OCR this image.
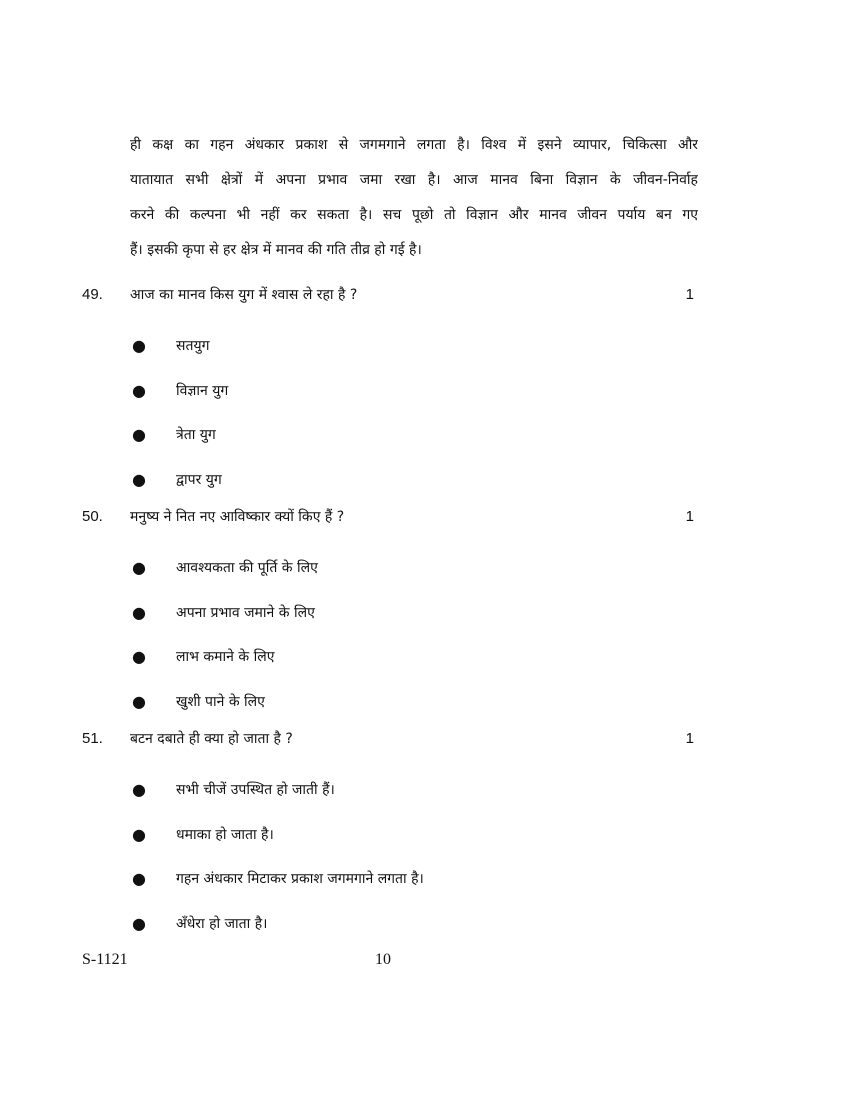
ही कक्ष का गहन अंधकार प्रकाश से जगमगाने लगता है। विश्व में इसने व्यापार, चिकित्सा और
यातायात सभी क्षेत्रों में अपना प्रभाव जमा रखा है। आज मानव बिना विज्ञान के जीवन-निर्वाह
करने की कल्पना भी नहीं कर सकता है। सच पूछो तो विज्ञान और मानव जीवन पर्याय बन गए
हैं। इसकी कृपा से हर क्षेत्र में मानव की गति तीव्र हो गई है।
49. आज का मानव किस युग में श्वास ले रहा है ?	1
● सतयुग
● विज्ञान युग
● त्रेता युग
● द्वापर युग
50. मनुष्य ने नित नए आविष्कार क्यों किए हैं ?	1
● आवश्यकता की पूर्ति के लिए
● अपना प्रभाव जमाने के लिए
● लाभ कमाने के लिए
● खुशी पाने के लिए
51. बटन दबाते ही क्या हो जाता है ?	1
● सभी चीजें उपस्थित हो जाती हैं।
● धमाका हो जाता है।
● गहन अंधकार मिटाकर प्रकाश जगमगाने लगता है।
● अँधेरा हो जाता है।
S-1121	10
